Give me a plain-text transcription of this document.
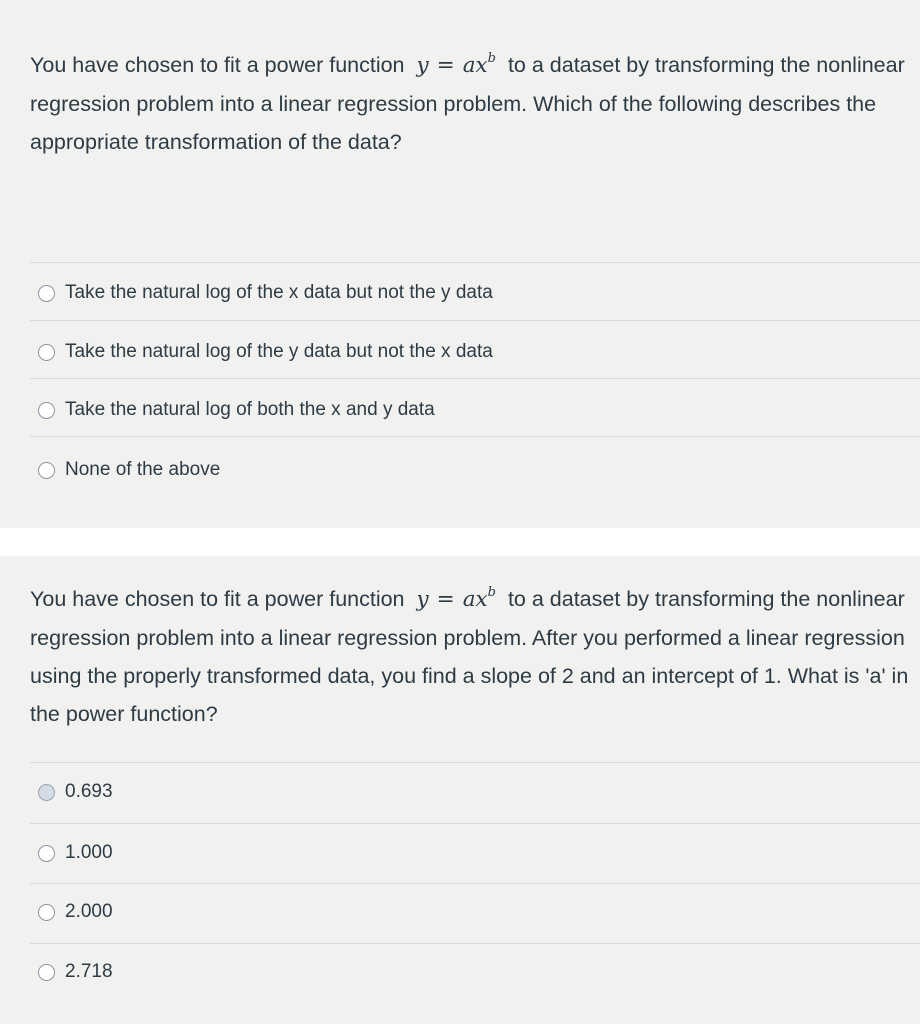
You have chosen to fit a power function $y = ax^b$ to a dataset by transforming the nonlinear regression problem into a linear regression problem. Which of the following describes the appropriate transformation of the data?
Take the natural log of the x data but not the y data
Take the natural log of the y data but not the x data
Take the natural log of both the x and y data
None of the above
You have chosen to fit a power function $y = ax^b$ to a dataset by transforming the nonlinear regression problem into a linear regression problem. After you performed a linear regression using the properly transformed data, you find a slope of 2 and an intercept of 1. What is 'a' in the power function?
0.693
1.000
2.000
2.718
